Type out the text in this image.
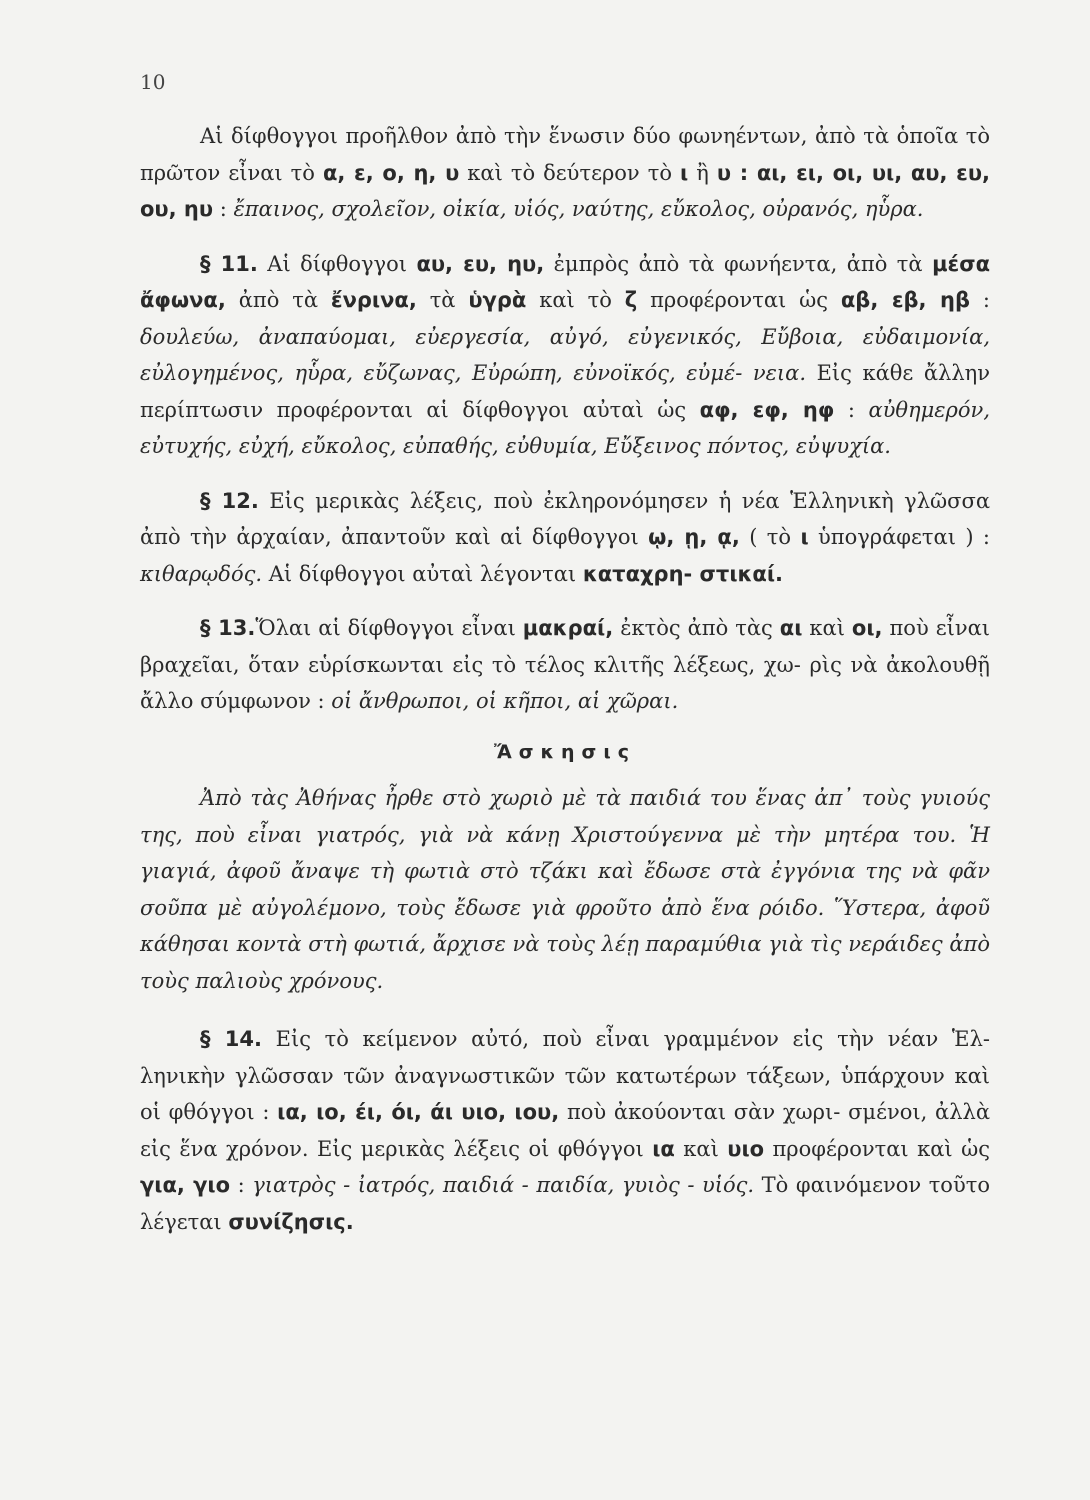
10

Αἱ δίφθογγοι προῆλθον ἀπὸ τὴν ἕνωσιν δύο φωνηέντων, ἀπὸ τὰ ὁποῖα τὸ πρῶτον εἶναι τὸ α, ε, ο, η, υ καὶ τὸ δεύτερον τὸ ι ἢ υ : αι, ει, οι, υι, αυ, ευ, ου, ηυ : ἔπαινος, σχολεῖον, οἰκία, υἱός, ναύτης, εὔκολος, οὐρανός, ηὗρα.

§ 11. Αἱ δίφθογγοι αυ, ευ, ηυ, ἐμπρὸς ἀπὸ τὰ φωνήεντα, ἀπὸ τὰ μέσα ἄφωνα, ἀπὸ τὰ ἔνρινα, τὰ ὑγρὰ καὶ τὸ ζ προφέρονται ὡς αβ, εβ, ηβ : δουλεύω, ἀναπαύομαι, εὐεργεσία, αὐγό, εὐγενικός, Εὔβοια, εὐδαιμονία, εὐλογημένος, ηὗρα, εὔζωνας, Εὐρώπη, εὐνοϊκός, εὐμέ- νεια. Εἰς κάθε ἄλλην περίπτωσιν προφέρονται αἱ δίφθογγοι αὐταὶ ὡς αφ, εφ, ηφ : αὐθημερόν, εὐτυχής, εὐχή, εὔκολος, εὐπαθής, εὐθυμία, Εὔξεινος πόντος, εὐψυχία.

§ 12. Εἰς μερικὰς λέξεις, ποὺ ἐκληρονόμησεν ἡ νέα Ἑλληνικὴ γλῶσσα ἀπὸ τὴν ἀρχαίαν, ἀπαντοῦν καὶ αἱ δίφθογγοι ῳ, ῃ, ᾳ, ( τὸ ι ὑπογράφεται ) : κιθαρῳδός. Αἱ δίφθογγοι αὐταὶ λέγονται καταχρη- στικαί.

§ 13.Ὅλαι αἱ δίφθογγοι εἶναι μακραί, ἐκτὸς ἀπὸ τὰς αι καὶ οι, ποὺ εἶναι βραχεῖαι, ὅταν εὑρίσκωνται εἰς τὸ τέλος κλιτῆς λέξεως, χω- ρὶς νὰ ἀκολουθῇ ἄλλο σύμφωνον : οἱ ἄνθρωποι, οἱ κῆποι, αἱ χῶραι.

Ἄσκησις

Ἀπὸ τὰς Ἀθήνας ἦρθε στὸ χωριὸ μὲ τὰ παιδιά του ἕνας ἀπ᾽ τοὺς γυιούς της, ποὺ εἶναι γιατρός, γιὰ νὰ κάνῃ Χριστούγεννα μὲ τὴν μητέρα του. Ἡ γιαγιά, ἀφοῦ ἄναψε τὴ φωτιὰ στὸ τζάκι καὶ ἔδωσε στὰ ἐγγόνια της νὰ φᾶν σοῦπα μὲ αὐγολέμονο, τοὺς ἔδωσε γιὰ φροῦτο ἀπὸ ἕνα ρόιδο. Ὕστερα, ἀφοῦ κάθησαι κοντὰ στὴ φωτιά, ἄρχισε νὰ τοὺς λέῃ παραμύθια γιὰ τὶς νεράιδες ἀπὸ τοὺς παλιοὺς χρόνους.

§ 14. Εἰς τὸ κείμενον αὐτό, ποὺ εἶναι γραμμένον εἰς τὴν νέαν Ἑλ- ληνικὴν γλῶσσαν τῶν ἀναγνωστικῶν τῶν κατωτέρων τάξεων, ὑπάρχουν καὶ οἱ φθόγγοι : ια, ιο, έι, όι, άι υιο, ιου, ποὺ ἀκούονται σὰν χωρι- σμένοι, ἀλλὰ εἰς ἕνα χρόνον. Εἰς μερικὰς λέξεις οἱ φθόγγοι ια καὶ υιο προφέρονται καὶ ὡς για, γιο : γιατρὸς - ἰατρός, παιδιά - παιδία, γυιὸς - υἱός. Τὸ φαινόμενον τοῦτο λέγεται συνίζησις.
